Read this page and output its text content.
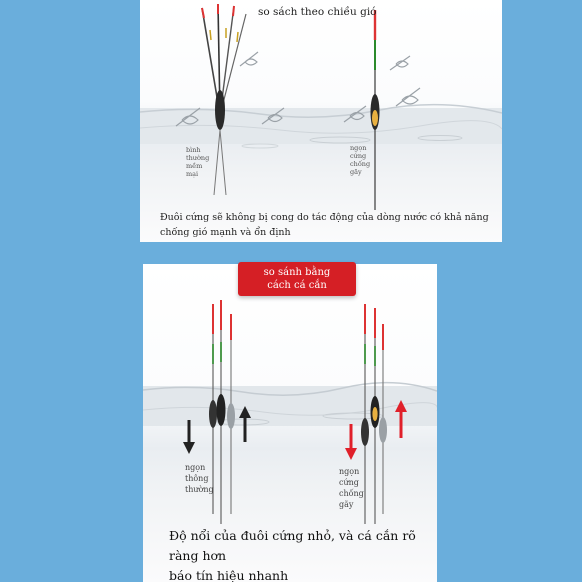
so sách theo chiều gió
bình
thường
mềm
mại
ngọn
cứng
chống
gãy
Đuôi cứng sẽ không bị cong do tác động của dòng nước có khả năng
chống gió mạnh và ổn định
ngọn
thông
thường
ngọn
cứng
chống
gãy
Độ nổi của đuôi cứng nhỏ, và cá cắn rõ ràng hơn
báo tín hiệu nhanh
so sánh bằng
cách cá cắn
